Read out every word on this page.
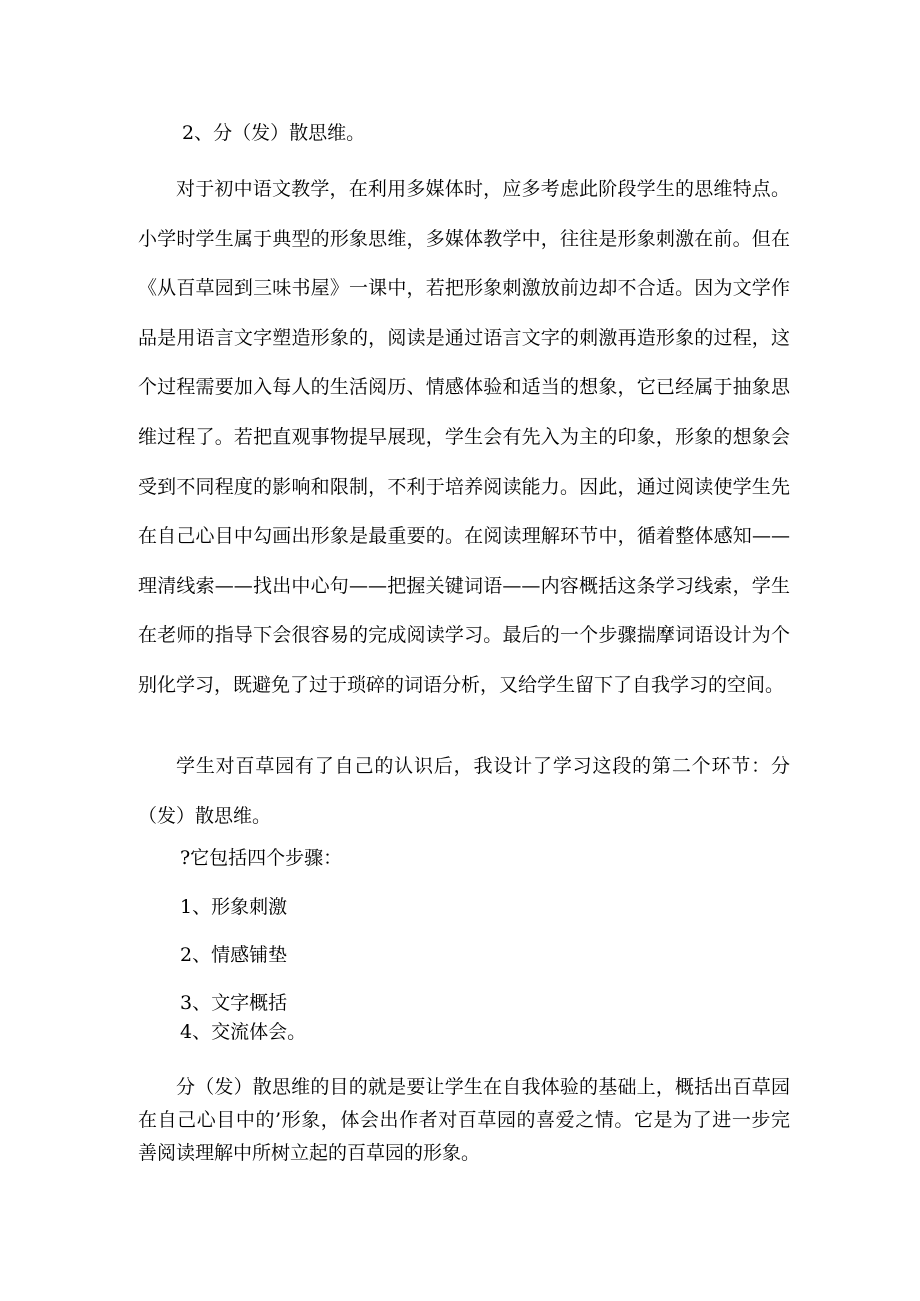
2、分（发）散思维。

对于初中语文教学，在利用多媒体时，应多考虑此阶段学生的思维特点。小学时学生属于典型的形象思维，多媒体教学中，往往是形象刺激在前。但在《从百草园到三味书屋》一课中，若把形象刺激放前边却不合适。因为文学作品是用语言文字塑造形象的，阅读是通过语言文字的刺激再造形象的过程，这个过程需要加入每人的生活阅历、情感体验和适当的想象，它已经属于抽象思维过程了。若把直观事物提早展现，学生会有先入为主的印象，形象的想象会受到不同程度的影响和限制，不利于培养阅读能力。因此，通过阅读使学生先在自己心目中勾画出形象是最重要的。在阅读理解环节中，循着整体感知——理清线索——找出中心句——把握关键词语——内容概括这条学习线索，学生在老师的指导下会很容易的完成阅读学习。最后的一个步骤揣摩词语设计为个别化学习，既避免了过于琐碎的词语分析，又给学生留下了自我学习的空间。

学生对百草园有了自己的认识后，我设计了学习这段的第二个环节：分（发）散思维。

?它包括四个步骤：
1、形象刺激
2、情感铺垫
3、文字概括
4、交流体会。

分（发）散思维的目的就是要让学生在自我体验的基础上，概括出百草园在自己心目中的’形象，体会出作者对百草园的喜爱之情。它是为了进一步完善阅读理解中所树立起的百草园的形象。
